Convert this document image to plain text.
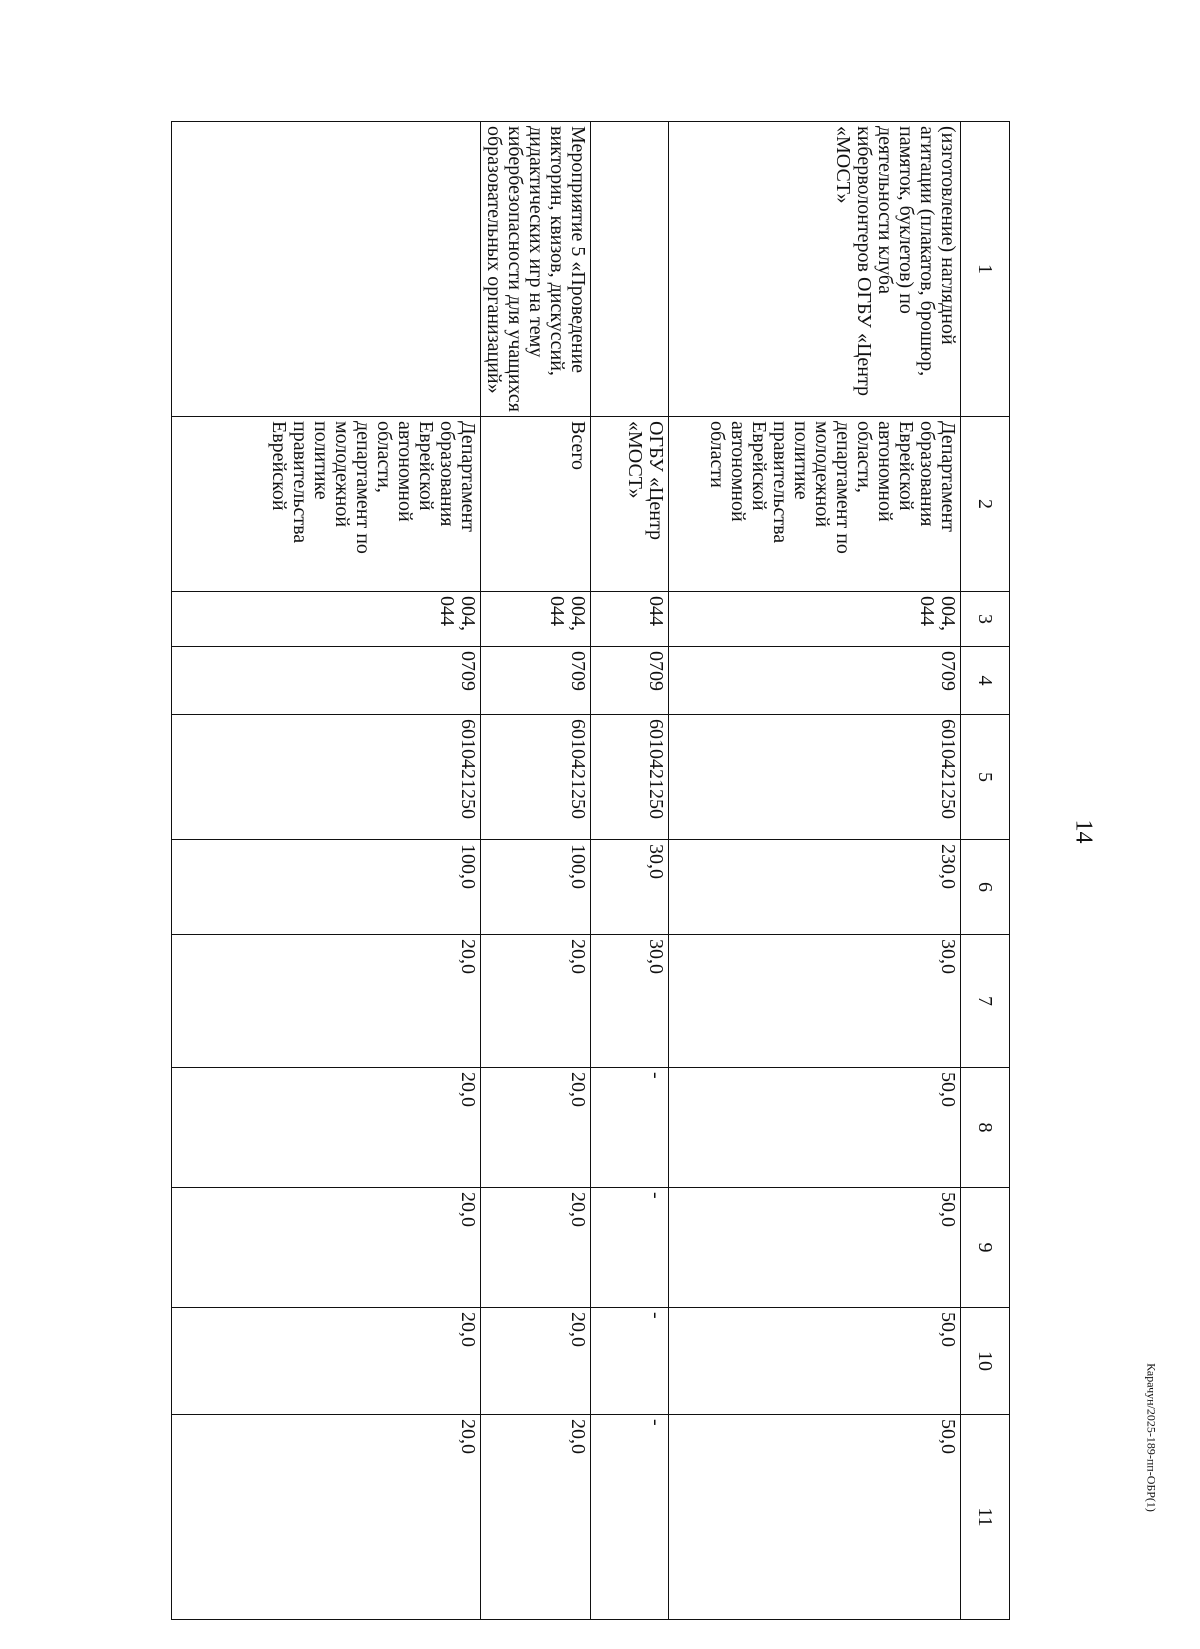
14
Карачун/2025-189-пп-ОБР(1)
1	2	3	4	5	6	7	8	9	10	11
(изготовление) наглядной агитации (плакатов, брошюр, памяток, буклетов) по деятельности клуба киберволонтеров ОГБУ «Центр «МОСТ»	Департамент образования Еврейской автономной области, департамент по молодежной политике правительства Еврейской автономной области	004, 044	0709	6010421250	230,0	30,0	50,0	50,0	50,0	50,0
	ОГБУ «Центр «МОСТ»	044	0709	6010421250	30,0	30,0	-	-	-	-
Мероприятие 5 «Проведение викторин, квизов, дискуссий, дидактических игр на тему кибербезопасности для учащихся образовательных организаций»	Всего	004, 044	0709	6010421250	100,0	20,0	20,0	20,0	20,0	20,0
	Департамент образования Еврейской автономной области, департамент по молодежной политике правительства Еврейской	004, 044	0709	6010421250	100,0	20,0	20,0	20,0	20,0	20,0
